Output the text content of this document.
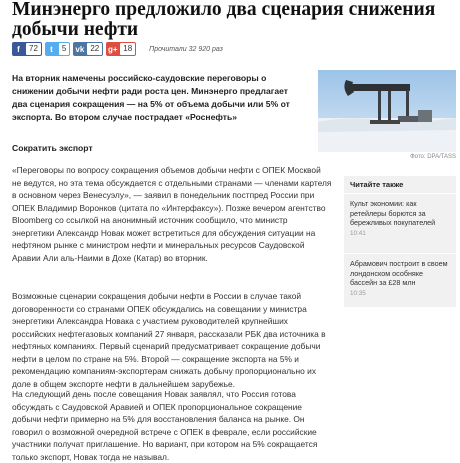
Минэнерго предложило два сценария снижения добычи нефти
f	72	t	5	vk 22	g+ 18	Прочитали 32 920 раз
На вторник намечены российско-саудовские переговоры о снижении добычи нефти ради роста цен. Минэнерго предлагает два сценария сокращения — на 5% от объема добычи или 5% от экспорта. Во втором случае пострадает «Роснефть»
Фото: DPA/TASS
Сократить экспорт
«Переговоры по вопросу сокращения объемов добычи нефти с ОПЕК Москвой не ведутся, но эта тема обсуждается с отдельными странами — членами картеля в основном через Венесуэлу», — заявил в понедельник постпред России при ОПЕК Владимир Воронков (цитата по «Интерфаксу»). Позже вечером агентство Bloomberg со ссылкой на анонимный источник сообщило, что министр энергетики Александр Новак может встретиться для обсуждения ситуации на нефтяном рынке с министром нефти и минеральных ресурсов Саудовской Аравии Али аль-Наими в Дохе (Катар) во вторник.
Возможные сценарии сокращения добычи нефти в России в случае такой договоренности со странами ОПЕК обсуждались на совещании у министра энергетики Александра Новака с участием руководителей крупнейших российских нефтегазовых компаний 27 января, рассказали РБК два источника в нефтяных компаниях. Первый сценарий предусматривает сокращение добычи нефти в целом по стране на 5%. Второй — сокращение экспорта на 5% и рекомендацию компаниям-экспортерам снижать добычу пропорционально их доле в общем экспорте нефти в дальнейшем зарубежье.
На следующий день после совещания Новак заявлял, что Россия готова обсуждать с Саудовской Аравией и ОПЕК пропорциональное сокращение добычи нефти примерно на 5% для восстановления баланса на рынке. Он говорил о возможной очередной встрече с ОПЕК в феврале, если российские участники получат приглашение. Но вариант, при котором на 5% сокращается только экспорт, Новак тогда не называл.
Читайте также
Культ экономии: как ретейлеры борются за бережливых покупателей
10:41
Абрамович построит в своем лондонском особняке бассейн за £28 млн
10:35
